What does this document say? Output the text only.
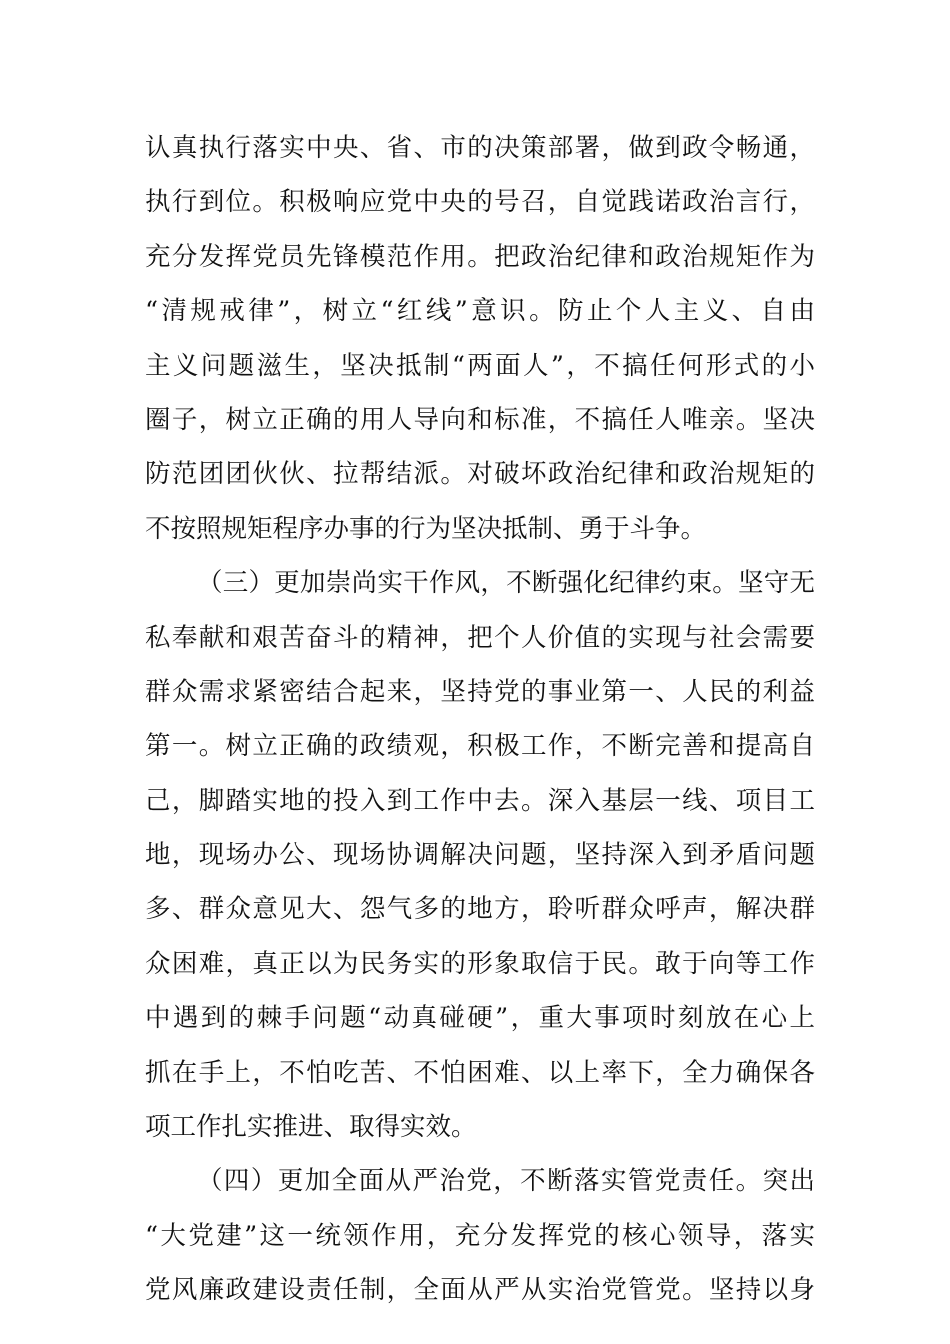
认真执行落实中央、省、市的决策部署，做到政令畅通，
执行到位。积极响应党中央的号召，自觉践诺政治言行，
充分发挥党员先锋模范作用。把政治纪律和政治规矩作为
“清规戒律”，树立“红线”意识。防止个人主义、自由
主义问题滋生，坚决抵制“两面人”，不搞任何形式的小
圈子，树立正确的用人导向和标准，不搞任人唯亲。坚决
防范团团伙伙、拉帮结派。对破坏政治纪律和政治规矩的
不按照规矩程序办事的行为坚决抵制、勇于斗争。
（三）更加崇尚实干作风，不断强化纪律约束。坚守无
私奉献和艰苦奋斗的精神，把个人价值的实现与社会需要
群众需求紧密结合起来，坚持党的事业第一、人民的利益
第一。树立正确的政绩观，积极工作，不断完善和提高自
己，脚踏实地的投入到工作中去。深入基层一线、项目工
地，现场办公、现场协调解决问题，坚持深入到矛盾问题
多、群众意见大、怨气多的地方，聆听群众呼声，解决群
众困难，真正以为民务实的形象取信于民。敢于向等工作
中遇到的棘手问题“动真碰硬”，重大事项时刻放在心上
抓在手上，不怕吃苦、不怕困难、以上率下，全力确保各
项工作扎实推进、取得实效。
（四）更加全面从严治党，不断落实管党责任。突出
“大党建”这一统领作用，充分发挥党的核心领导，落实
党风廉政建设责任制，全面从严从实治党管党。坚持以身
